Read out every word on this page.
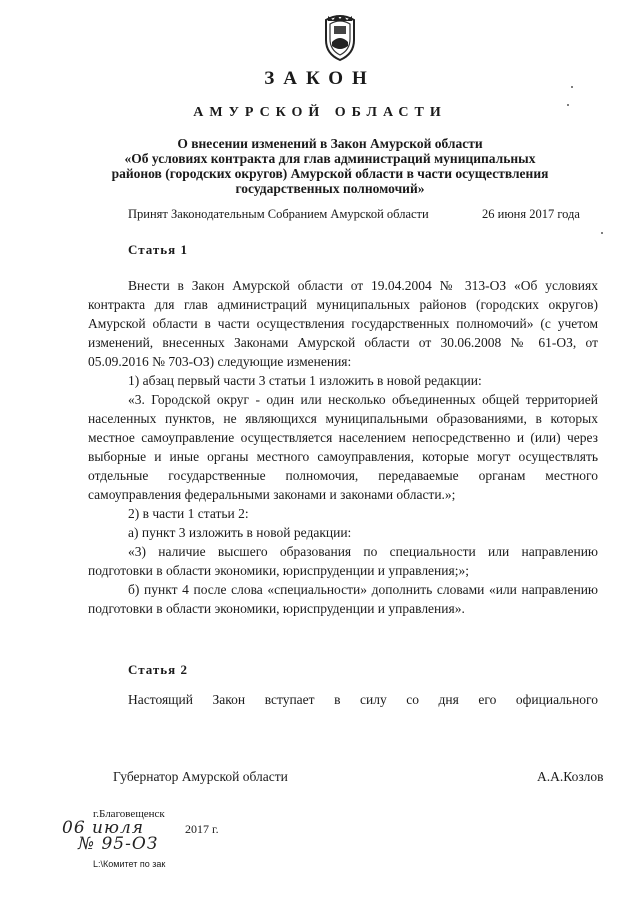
ЗАКОН
АМУРСКОЙ ОБЛАСТИ
О внесении изменений в Закон Амурской области
«Об условиях контракта для глав администраций муниципальных
районов (городских округов) Амурской области в части осуществления
государственных полномочий»
Принят Законодательным Собранием Амурской области	26 июня 2017 года
Статья 1

Внести в Закон Амурской области от 19.04.2004 № 313-ОЗ «Об условиях контракта для глав администраций муниципальных районов (городских округов) Амурской области в части осуществления государственных полномочий» (с учетом изменений, внесенных Законами Амурской области от 30.06.2008 № 61-ОЗ, от 05.09.2016 № 703-ОЗ) следующие изменения:

1) абзац первый части 3 статьи 1 изложить в новой редакции:

«3. Городской округ - один или несколько объединенных общей территорией населенных пунктов, не являющихся муниципальными образованиями, в которых местное самоуправление осуществляется населением непосредственно и (или) через выборные и иные органы местного самоуправления, которые могут осуществлять отдельные государственные полномочия, передаваемые органам местного самоуправления федеральными законами и законами области.»;

2) в части 1 статьи 2:

а) пункт 3 изложить в новой редакции:

«3) наличие высшего образования по специальности или направлению подготовки в области экономики, юриспруденции и управления;»;

б) пункт 4 после слова «специальности» дополнить словами «или направлению подготовки в области экономики, юриспруденции и управления».

Статья 2

Настоящий Закон вступает в силу со дня его официального

Губернатор Амурской области	А.А.Козлов
г.Благовещенск
06 июля	2017 г.
№ 95-ОЗ
L:\Комитет по зак
